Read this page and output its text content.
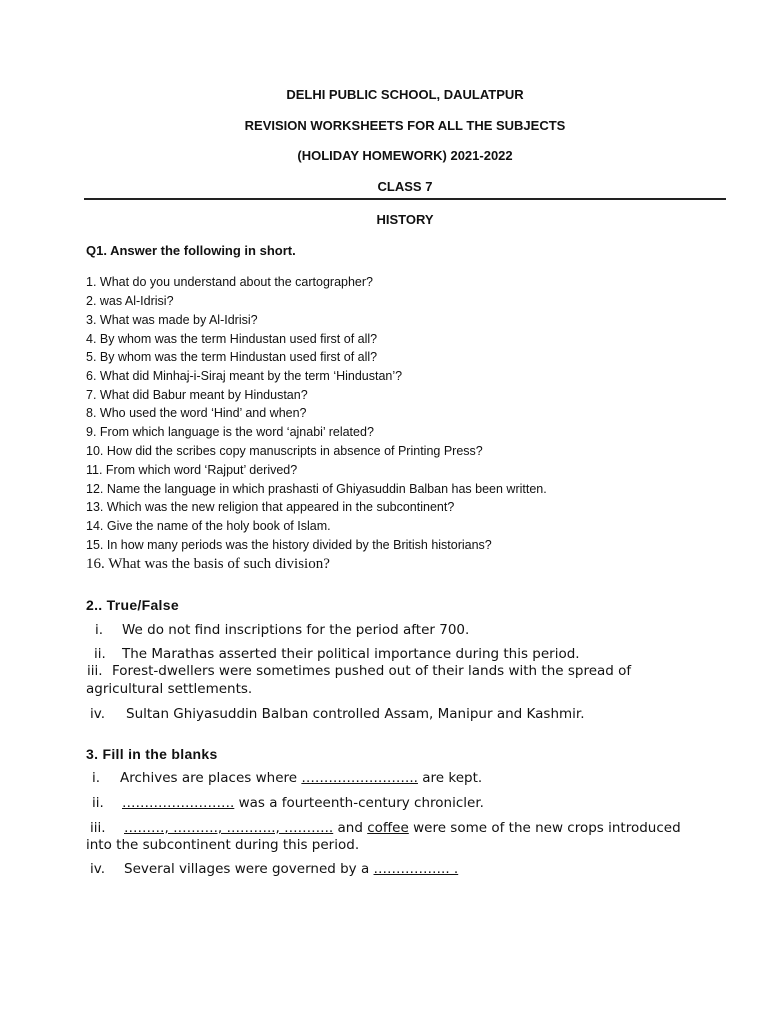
DELHI PUBLIC SCHOOL, DAULATPUR
REVISION WORKSHEETS FOR ALL THE SUBJECTS
(HOLIDAY HOMEWORK) 2021-2022
CLASS 7
HISTORY
Q1. Answer the following in short.
1. What do you understand about the cartographer?
2. was Al-Idrisi?
3. What was made by Al-Idrisi?
4. By whom was the term Hindustan used first of all?
5. By whom was the term Hindustan used first of all?
6. What did Minhaj-i-Siraj meant by the term ‘Hindustan’?
7. What did Babur meant by Hindustan?
8. Who used the word ‘Hind’ and when?
9. From which language is the word ‘ajnabi’ related?
10. How did the scribes copy manuscripts in absence of Printing Press?
11. From which word ‘Rajput’ derived?
12. Name the language in which prashasti of Ghiyasuddin Balban has been written.
13. Which was the new religion that appeared in the subcontinent?
14. Give the name of the holy book of Islam.
15. In how many periods was the history divided by the British historians?
16. What was the basis of such division?
2.. True/False
i. We do not find inscriptions for the period after 700.
ii. The Marathas asserted their political importance during this period.
iii. Forest-dwellers were sometimes pushed out of their lands with the spread of
agricultural settlements.
iv. Sultan Ghiyasuddin Balban controlled Assam, Manipur and Kashmir.
3. Fill in the blanks
i. Archives are places where …………………….. are kept.
ii. ……………………. was a fourteenth-century chronicler.
iii. ………, ………., ……….., ……….. and coffee were some of the new crops introduced
into the subcontinent during this period.
iv. Several villages were governed by a …………….. .
